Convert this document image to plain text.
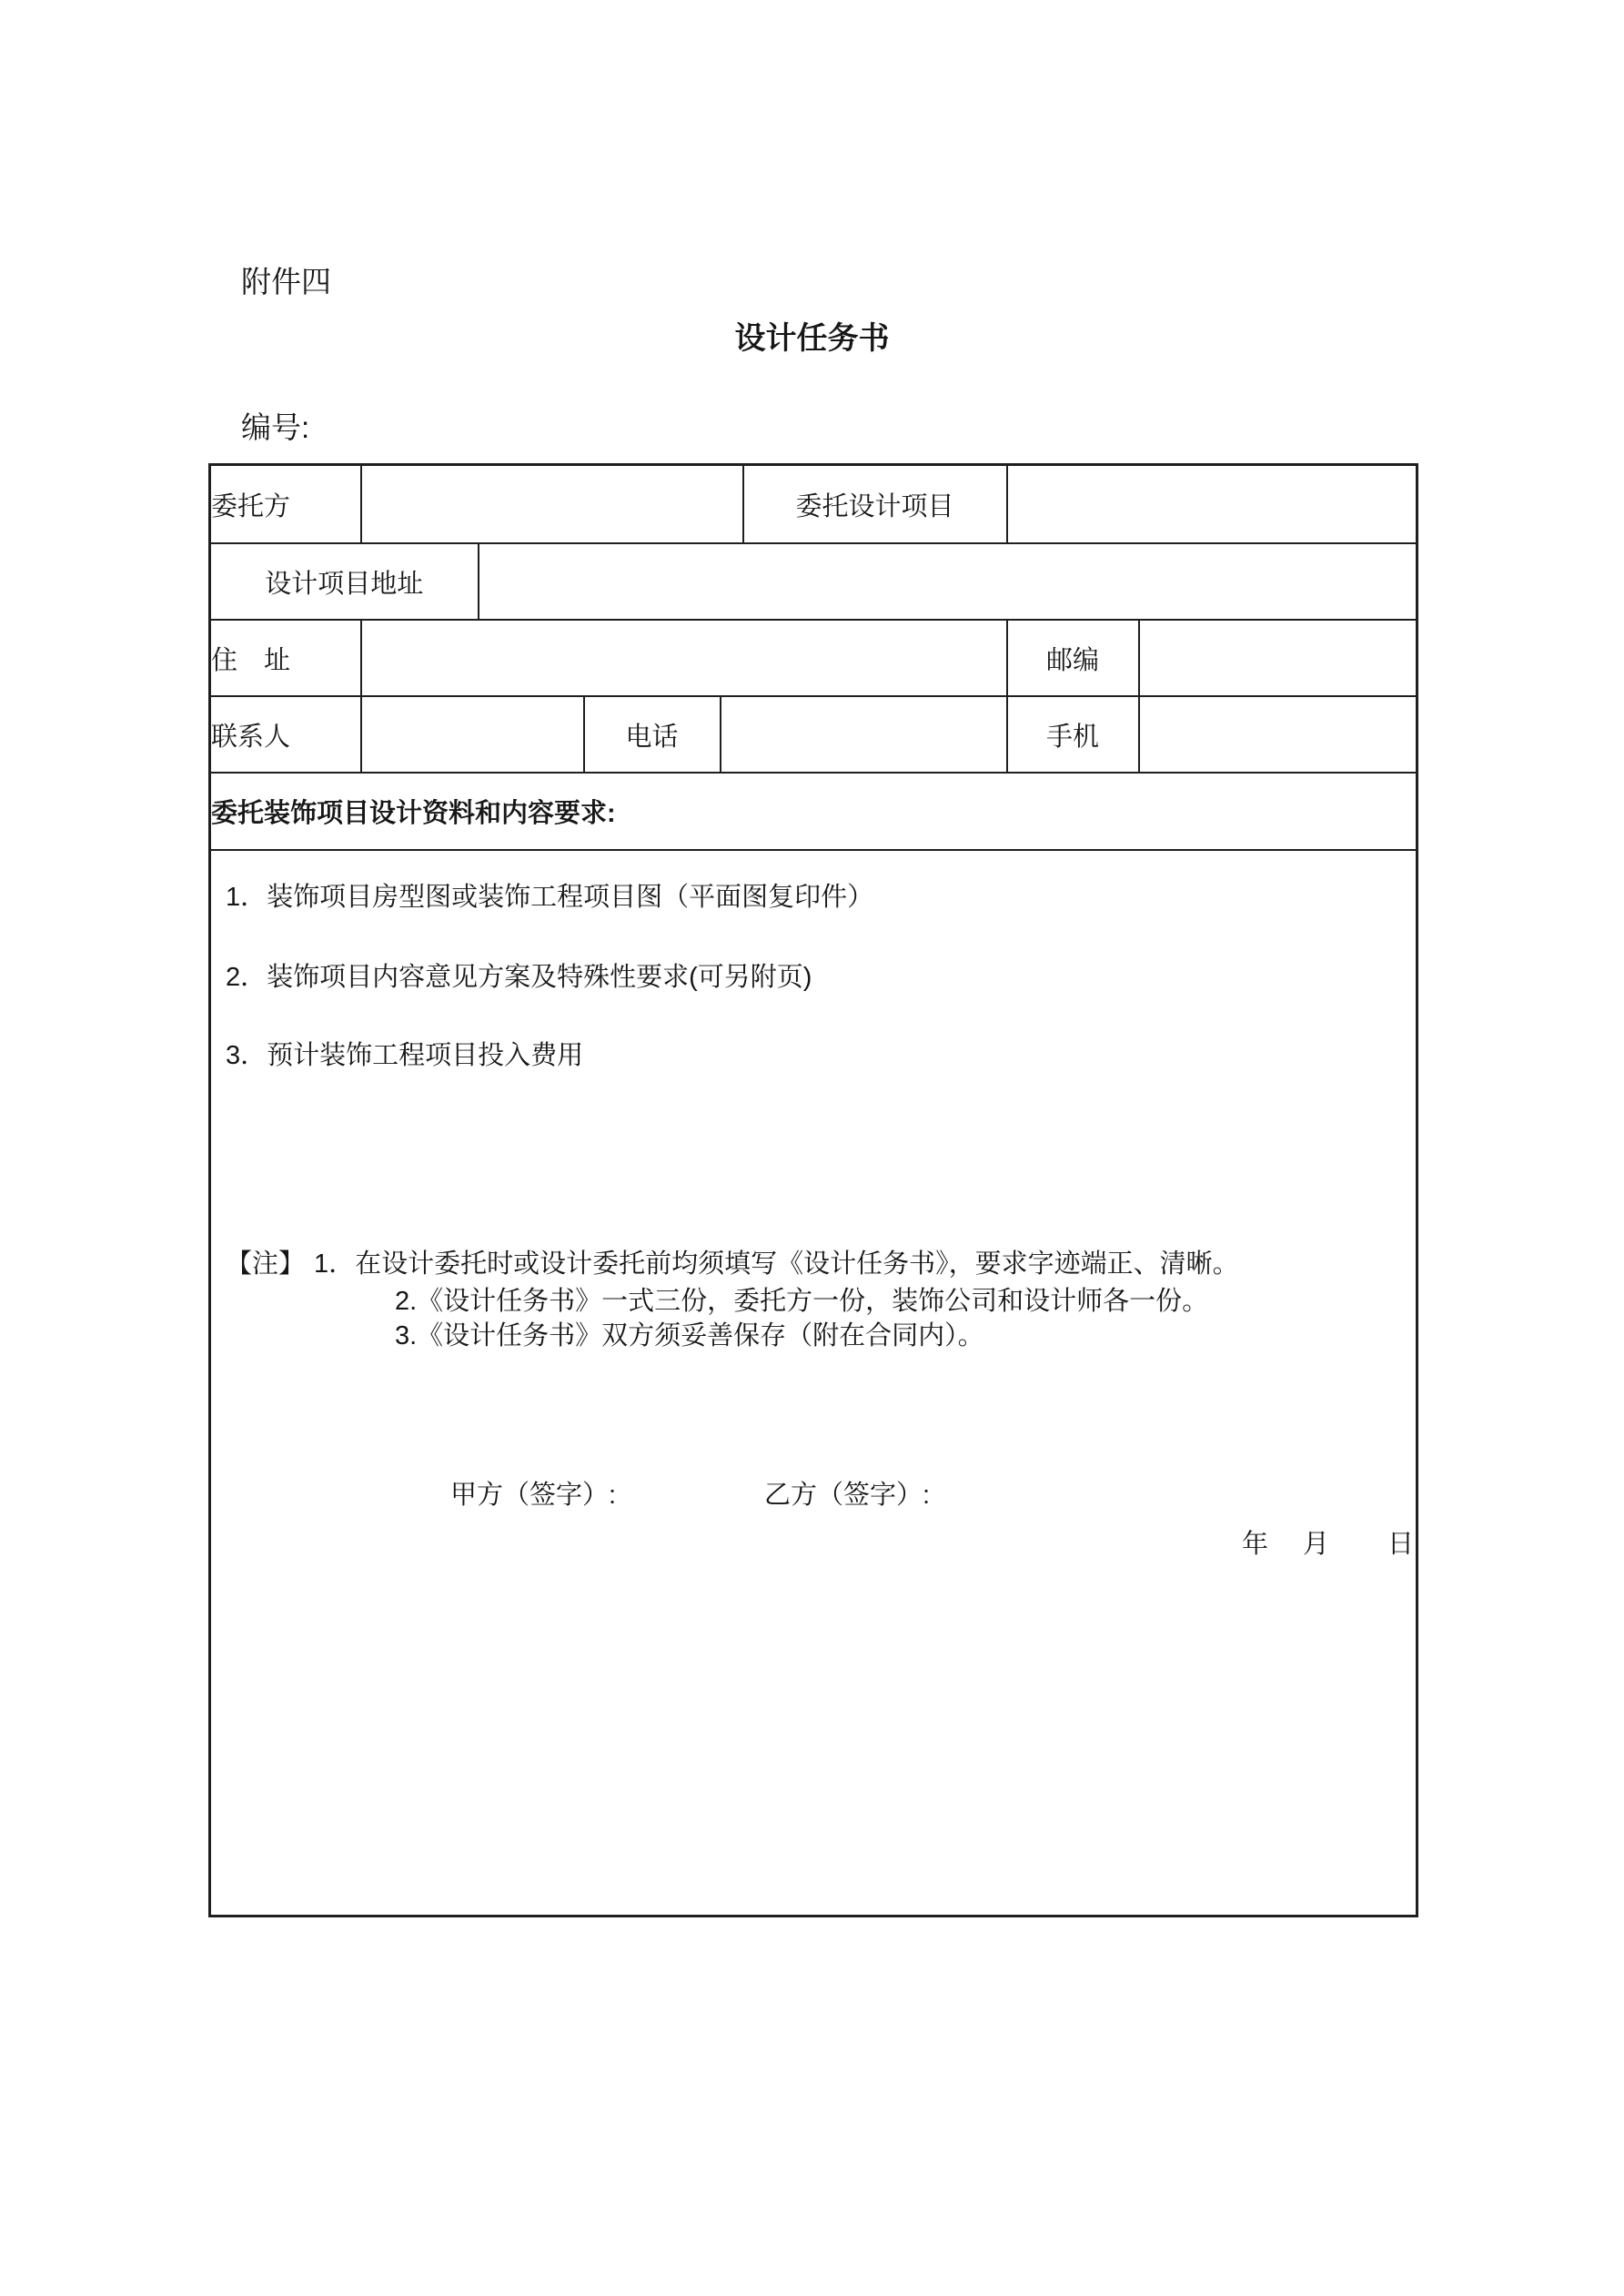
附件四
设计任务书
编号:
委托方					委托设计项目		
设计项目地址							
住　址						邮编	
联系人			电话			手机	
委托装饰项目设计资料和内容要求:							

1．装饰项目房型图或装饰工程项目图（平面图复印件）
2．装饰项目内容意见方案及特殊性要求(可另附页)
3．预计装饰工程项目投入费用
【注】 1．在设计委托时或设计委托前均须填写《设计任务书》，要求字迹端正、清晰。
2.《设计任务书》一式三份，委托方一份，装饰公司和设计师各一份。
3.《设计任务书》双方须妥善保存（附在合同内）。
甲方（签字）:	乙方（签字）:
年 月 日
